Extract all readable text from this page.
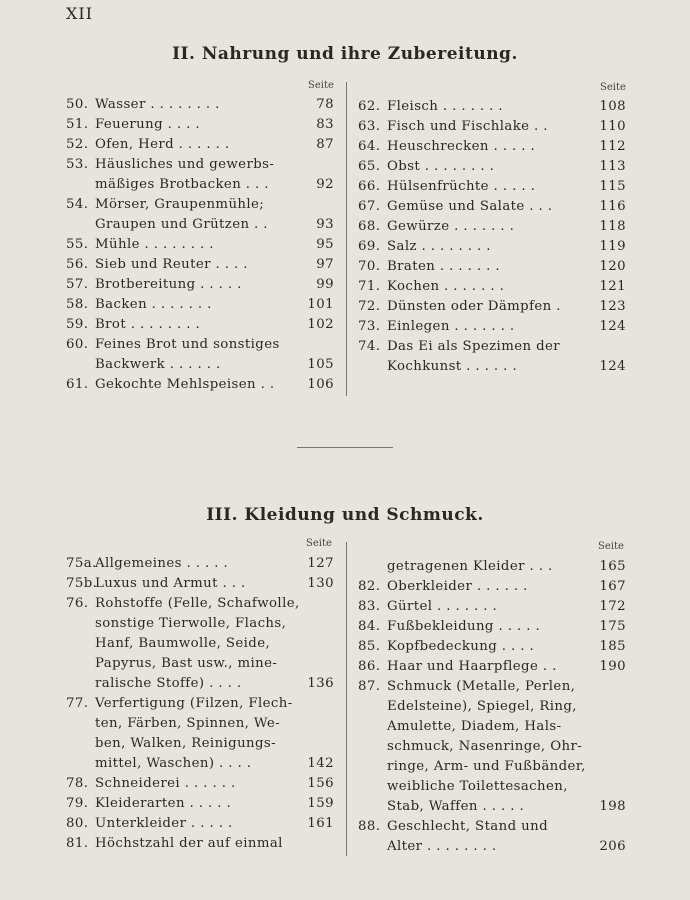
XII
II. Nahrung und ihre Zubereitung.
Seite	Seite
50. Wasser . . . . . . . .	78
51. Feuerung . . . .	83
52. Ofen, Herd . . . . . .	87
53. Häusliches und gewerbs-
mäßiges Brotbacken . . .	92
54. Mörser, Graupenmühle;
Graupen und Grützen . .	93
55. Mühle . . . . . . . .	95
56. Sieb und Reuter . . . .	97
57. Brotbereitung . . . . .	99
58. Backen . . . . . . .	101
59. Brot . . . . . . . .	102
60. Feines Brot und sonstiges
Backwerk . . . . . .	105
61. Gekochte Mehlspeisen . . 106
62. Fleisch . . . . . . .	108
63. Fisch und Fischlake . .	110
64. Heuschrecken . . . . .	112
65. Obst . . . . . . . .	113
66. Hülsenfrüchte . . . . .	115
67. Gemüse und Salate . . .	116
68. Gewürze . . . . . . .	118
69. Salz . . . . . . . .	119
70. Braten . . . . . . .	120
71. Kochen . . . . . . .	121
72. Dünsten oder Dämpfen .	123
73. Einlegen . . . . . . .	124
74. Das Ei als Spezimen der
Kochkunst . . . . . .	124
III. Kleidung und Schmuck.
Seite	Seite
75a.
Allgemeines . . . . .	127
75b.
Luxus und Armut . . .	130
76. Rohstoffe (Felle, Schafwolle,
sonstige Tierwolle, Flachs,
Hanf, Baumwolle, Seide,
Papyrus, Bast usw., mine-
ralische Stoffe) . . . .	136
77. Verfertigung (Filzen, Flech-
ten, Färben, Spinnen, We-
ben, Walken, Reinigungs-
mittel, Waschen) . . . .	142
78. Schneiderei . . . . . .	156
79. Kleiderarten . . . . .	159
80. Unterkleider . . . . .	161
81. Höchstzahl der auf einmal
getragenen Kleider . . .	165
82. Oberkleider . . . . . .	167
83. Gürtel . . . . . . .	172
84. Fußbekleidung . . . . .	175
85. Kopfbedeckung . . . .	185
86. Haar und Haarpflege . .	190
87. Schmuck (Metalle, Perlen,
Edelsteine), Spiegel, Ring,
Amulette, Diadem, Hals-
schmuck, Nasenringe, Ohr-
ringe, Arm- und Fußbänder,
weibliche Toilettesachen,
Stab, Waffen . . . . .	198
88. Geschlecht, Stand und
Alter . . . . . . . .	206
